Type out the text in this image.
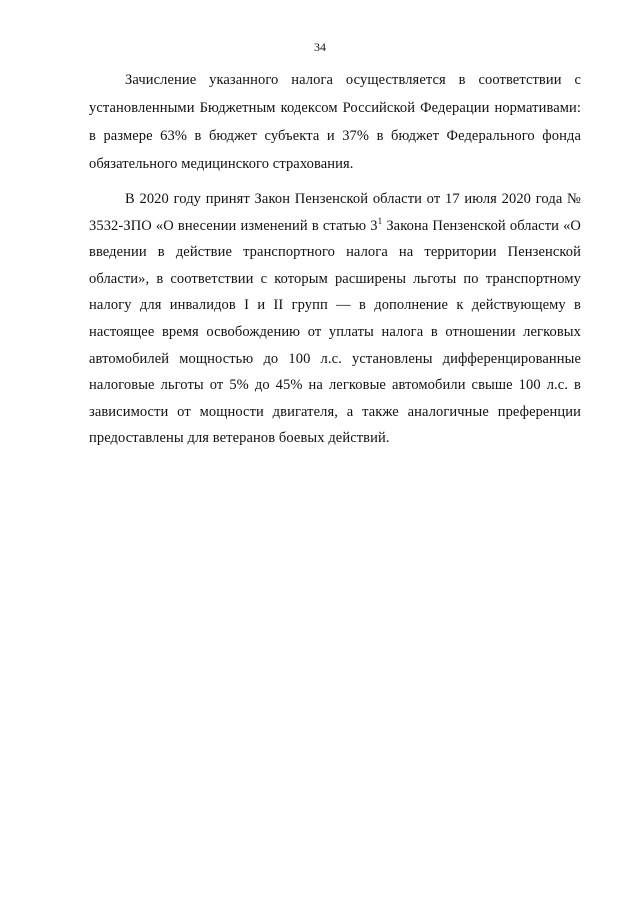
34

Зачисление указанного налога осуществляется в соответствии с установленными Бюджетным кодексом Российской Федерации нормативами: в размере 63% в бюджет субъекта и 37% в бюджет Федерального фонда обязательного медицинского страхования.

В 2020 году принят Закон Пензенской области от 17 июля 2020 года № 3532-ЗПО «О внесении изменений в статью $3^1$ Закона Пензенской области «О введении в действие транспортного налога на территории Пензенской области», в соответствии с которым расширены льготы по транспортному налогу для инвалидов I и II групп — в дополнение к действующему в настоящее время освобождению от уплаты налога в отношении легковых автомобилей мощностью до 100 л.с. установлены дифференцированные налоговые льготы от 5% до 45% на легковые автомобили свыше 100 л.с. в зависимости от мощности двигателя, а также аналогичные преференции предоставлены для ветеранов боевых действий.
